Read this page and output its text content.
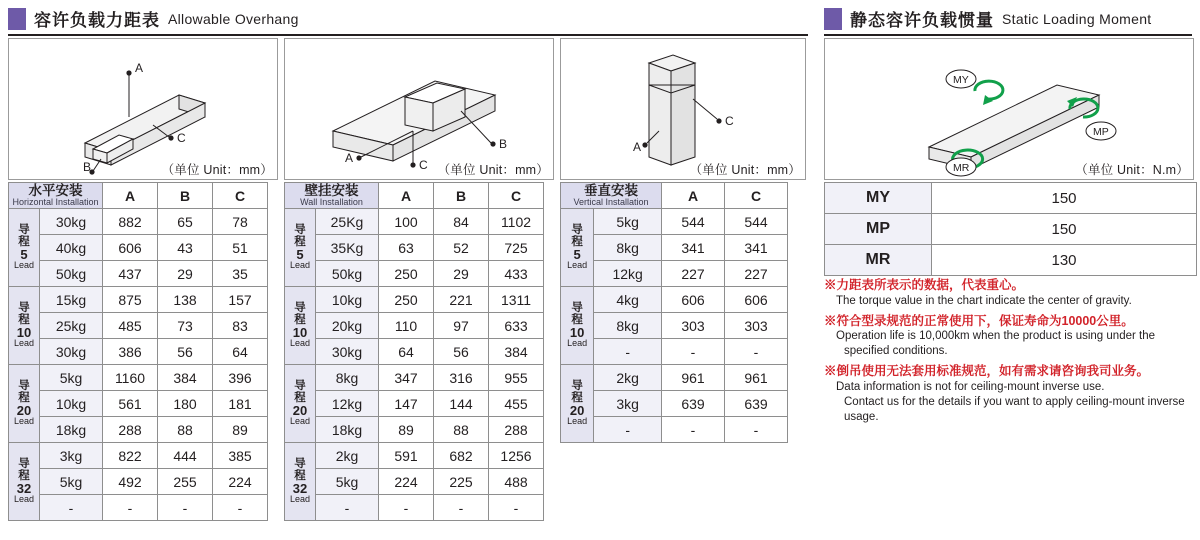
容许负载力距表 Allowable Overhang	静态容许负载惯量 Static Loading Moment
A
C
B	（单位 Unit：mm）
A
B
C （单位 Unit：mm）
A
C
（单位 Unit：mm）
MY
MP
MR	（单位 Unit：N.m）
水平安装
Horizontal Installation		A	B	C

导
程
5
Lead	30kg	882	65	78
	40kg	606	43	51
	50kg	437	29	35

导
程
10
Lead	15kg	875	138	157
	25kg	485	73	83
	30kg	386	56	64

导
程
20
Lead	5kg	1160	384	396
	10kg	561	180	181
	18kg	288	88	89

导
程
32
Lead	3kg	822	444	385
	5kg	492	255	224
	-	-	-	-
壁挂安装
Wall Installation		A	B	C

导
程
5
Lead	25Kg	100	84	1102
	35Kg	63	52	725
	50kg	250	29	433

导
程
10
Lead	10kg	250	221	1311
	20kg	110	97	633
	30kg	64	56	384

导
程
20
Lead	8kg	347	316	955
	12kg	147	144	455
	18kg	89	88	288

导
程
32
Lead	2kg	591	682	1256
	5kg	224	225	488
	-	-	-	-
垂直安装
Vertical Installation		A	C

导
程
5
Lead	5kg	544	544
	8kg	341	341
	12kg	227	227

导
程
10
Lead	4kg	606	606
	8kg	303	303
	-	-	-

导
程
20
Lead	2kg	961	961
	3kg	639	639
	-	-	-
MY	150
MP	150
MR	130
※力距表所表示的数据，代表重心。
The torque value in the chart indicate the center of gravity.
※符合型录规范的正常使用下，保证寿命为10000公里。
Operation life is 10,000km when the product is using under the
specified conditions.
※倒吊使用无法套用标准规范，如有需求请咨询我司业务。
Data information is not for ceiling-mount inverse use.
Contact us for the details if you want to apply ceiling-mount inverse usage.
